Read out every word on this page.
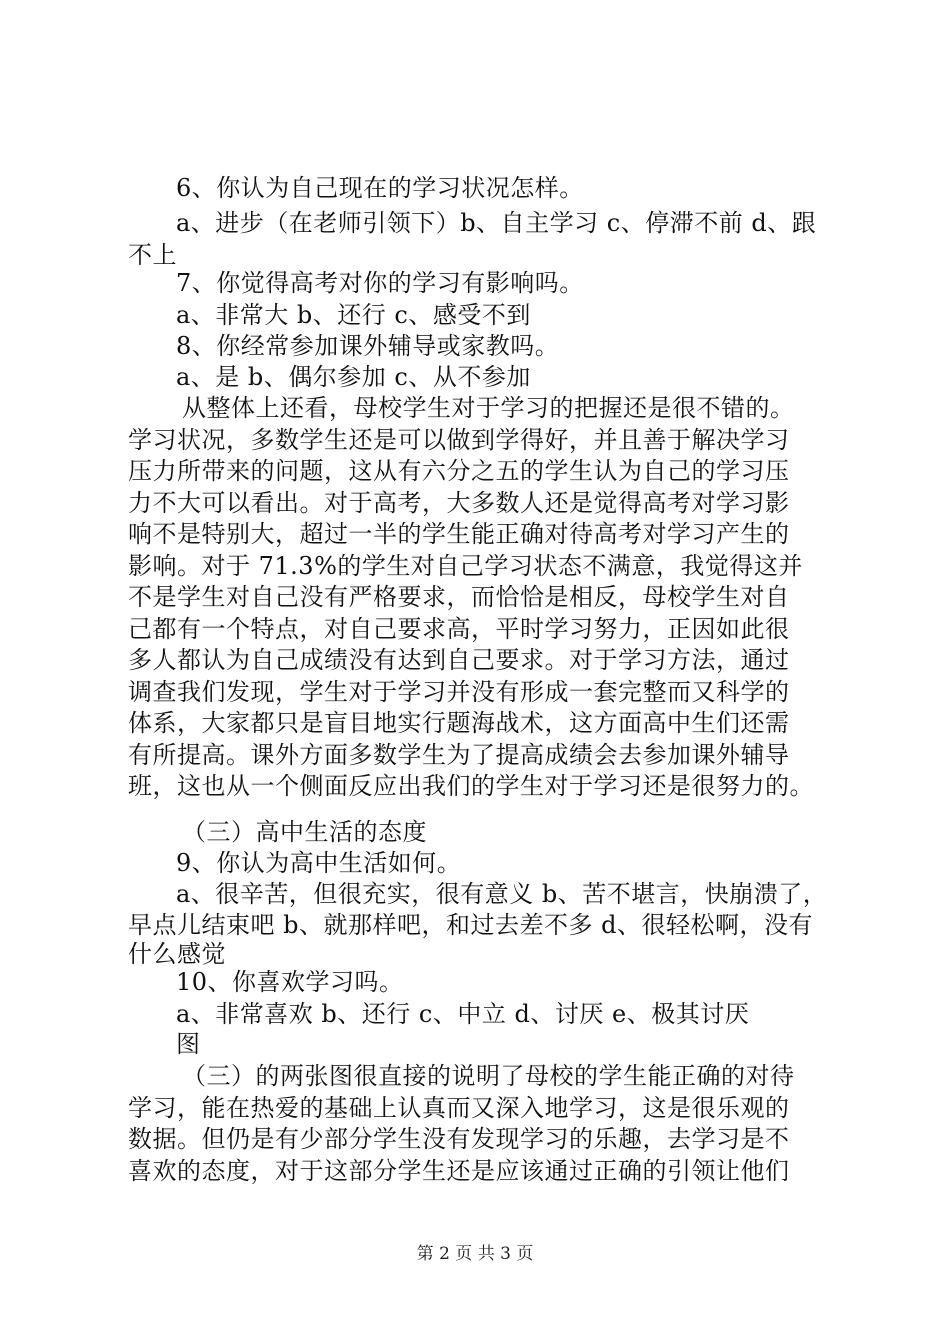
6、你认为自己现在的学习状况怎样。
a、进步（在老师引领下）b、自主学习 c、停滞不前 d、跟
不上
7、你觉得高考对你的学习有影响吗。
a、非常大 b、还行 c、感受不到
8、你经常参加课外辅导或家教吗。
a、是 b、偶尔参加 c、从不参加
从整体上还看，母校学生对于学习的把握还是很不错的。
学习状况，多数学生还是可以做到学得好，并且善于解决学习
压力所带来的问题，这从有六分之五的学生认为自己的学习压
力不大可以看出。对于高考，大多数人还是觉得高考对学习影
响不是特别大，超过一半的学生能正确对待高考对学习产生的
影响。对于 71.3%的学生对自己学习状态不满意，我觉得这并
不是学生对自己没有严格要求，而恰恰是相反，母校学生对自
己都有一个特点，对自己要求高，平时学习努力，正因如此很
多人都认为自己成绩没有达到自己要求。对于学习方法，通过
调查我们发现，学生对于学习并没有形成一套完整而又科学的
体系，大家都只是盲目地实行题海战术，这方面高中生们还需
有所提高。课外方面多数学生为了提高成绩会去参加课外辅导
班，这也从一个侧面反应出我们的学生对于学习还是很努力的。
（三）高中生活的态度
9、你认为高中生活如何。
a、很辛苦，但很充实，很有意义 b、苦不堪言，快崩溃了，
早点儿结束吧 b、就那样吧，和过去差不多 d、很轻松啊，没有
什么感觉
10、你喜欢学习吗。
a、非常喜欢 b、还行 c、中立 d、讨厌 e、极其讨厌
图
（三）的两张图很直接的说明了母校的学生能正确的对待
学习，能在热爱的基础上认真而又深入地学习，这是很乐观的
数据。但仍是有少部分学生没有发现学习的乐趣，去学习是不
喜欢的态度，对于这部分学生还是应该通过正确的引领让他们
第 2 页 共 3 页
